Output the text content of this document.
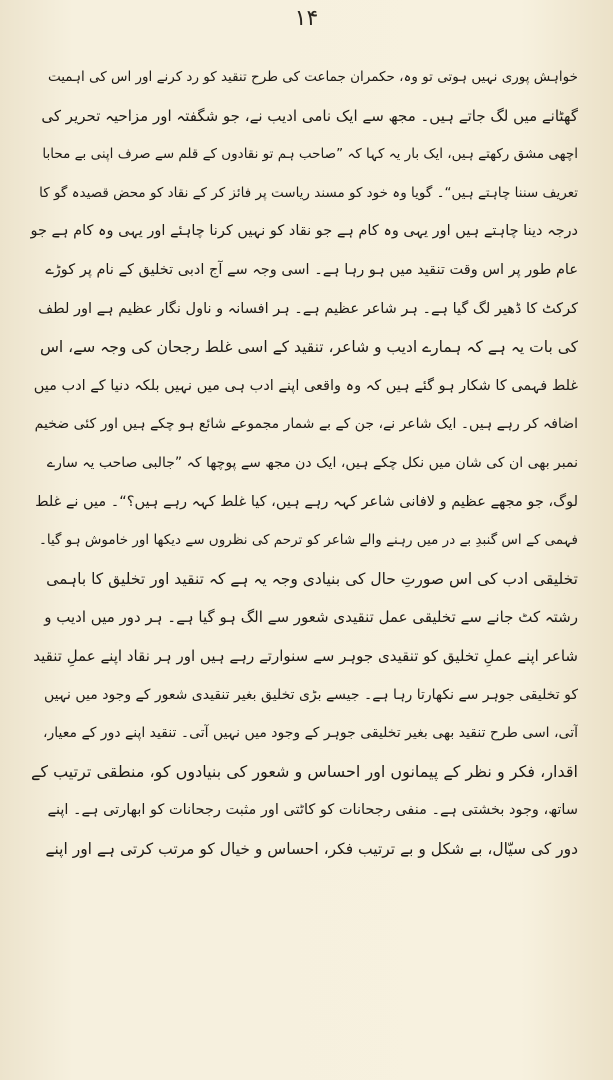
۱۴
خواہش پوری نہیں ہوتی تو وہ، حکمران جماعت کی طرح تنقید کو رد کرنے اور اس کی اہمیت
گھٹانے میں لگ جاتے ہیں۔ مجھ سے ایک نامی ادیب نے، جو شگفتہ اور مزاحیہ تحریر کی
اچھی مشق رکھتے ہیں، ایک بار یہ کہا کہ ”صاحب ہم تو نقادوں کے قلم سے صرف اپنی بے محابا
تعریف سننا چاہتے ہیں“۔ گویا وہ خود کو مسند ریاست پر فائز کر کے نقاد کو محض قصیدہ گو کا
درجہ دینا چاہتے ہیں اور یہی وہ کام ہے جو نقاد کو نہیں کرنا چاہئے اور یہی وہ کام ہے جو
عام طور پر اس وقت تنقید میں ہو رہا ہے۔ اسی وجہ سے آج ادبی تخلیق کے نام پر کوڑے
کرکٹ کا ڈھیر لگ گیا ہے۔ ہر شاعر عظیم ہے۔ ہر افسانہ و ناول نگار عظیم ہے اور لطف
کی بات یہ ہے کہ ہمارے ادیب و شاعر، تنقید کے اسی غلط رجحان کی وجہ سے، اس
غلط فہمی کا شکار ہو گئے ہیں کہ وہ واقعی اپنے ادب ہی میں نہیں بلکہ دنیا کے ادب میں
اضافہ کر رہے ہیں۔ ایک شاعر نے، جن کے بے شمار مجموعے شائع ہو چکے ہیں اور کئی ضخیم
نمبر بھی ان کی شان میں نکل چکے ہیں، ایک دن مجھ سے پوچھا کہ ”جالبی صاحب یہ سارے
لوگ، جو مجھے عظیم و لافانی شاعر کہہ رہے ہیں، کیا غلط کہہ رہے ہیں؟“۔ میں نے غلط
فہمی کے اس گنبدِ بے در میں رہنے والے شاعر کو ترحم کی نظروں سے دیکھا اور خاموش ہو گیا۔
تخلیقی ادب کی اس صورتِ حال کی بنیادی وجہ یہ ہے کہ تنقید اور تخلیق کا باہمی
رشتہ کٹ جانے سے تخلیقی عمل تنقیدی شعور سے الگ ہو گیا ہے۔ ہر دور میں ادیب و
شاعر اپنے عملِ تخلیق کو تنقیدی جوہر سے سنوارتے رہے ہیں اور ہر نقاد اپنے عملِ تنقید
کو تخلیقی جوہر سے نکھارتا رہا ہے۔ جیسے بڑی تخلیق بغیر تنقیدی شعور کے وجود میں نہیں
آتی، اسی طرح تنقید بھی بغیر تخلیقی جوہر کے وجود میں نہیں آتی۔ تنقید اپنے دور کے معیار،
اقدار، فکر و نظر کے پیمانوں اور احساس و شعور کی بنیادوں کو، منطقی ترتیب کے
ساتھ، وجود بخشتی ہے۔ منفی رجحانات کو کاٹتی اور مثبت رجحانات کو ابھارتی ہے۔ اپنے
دور کی سیّال، بے شکل و بے ترتیب فکر، احساس و خیال کو مرتب کرتی ہے اور اپنے
